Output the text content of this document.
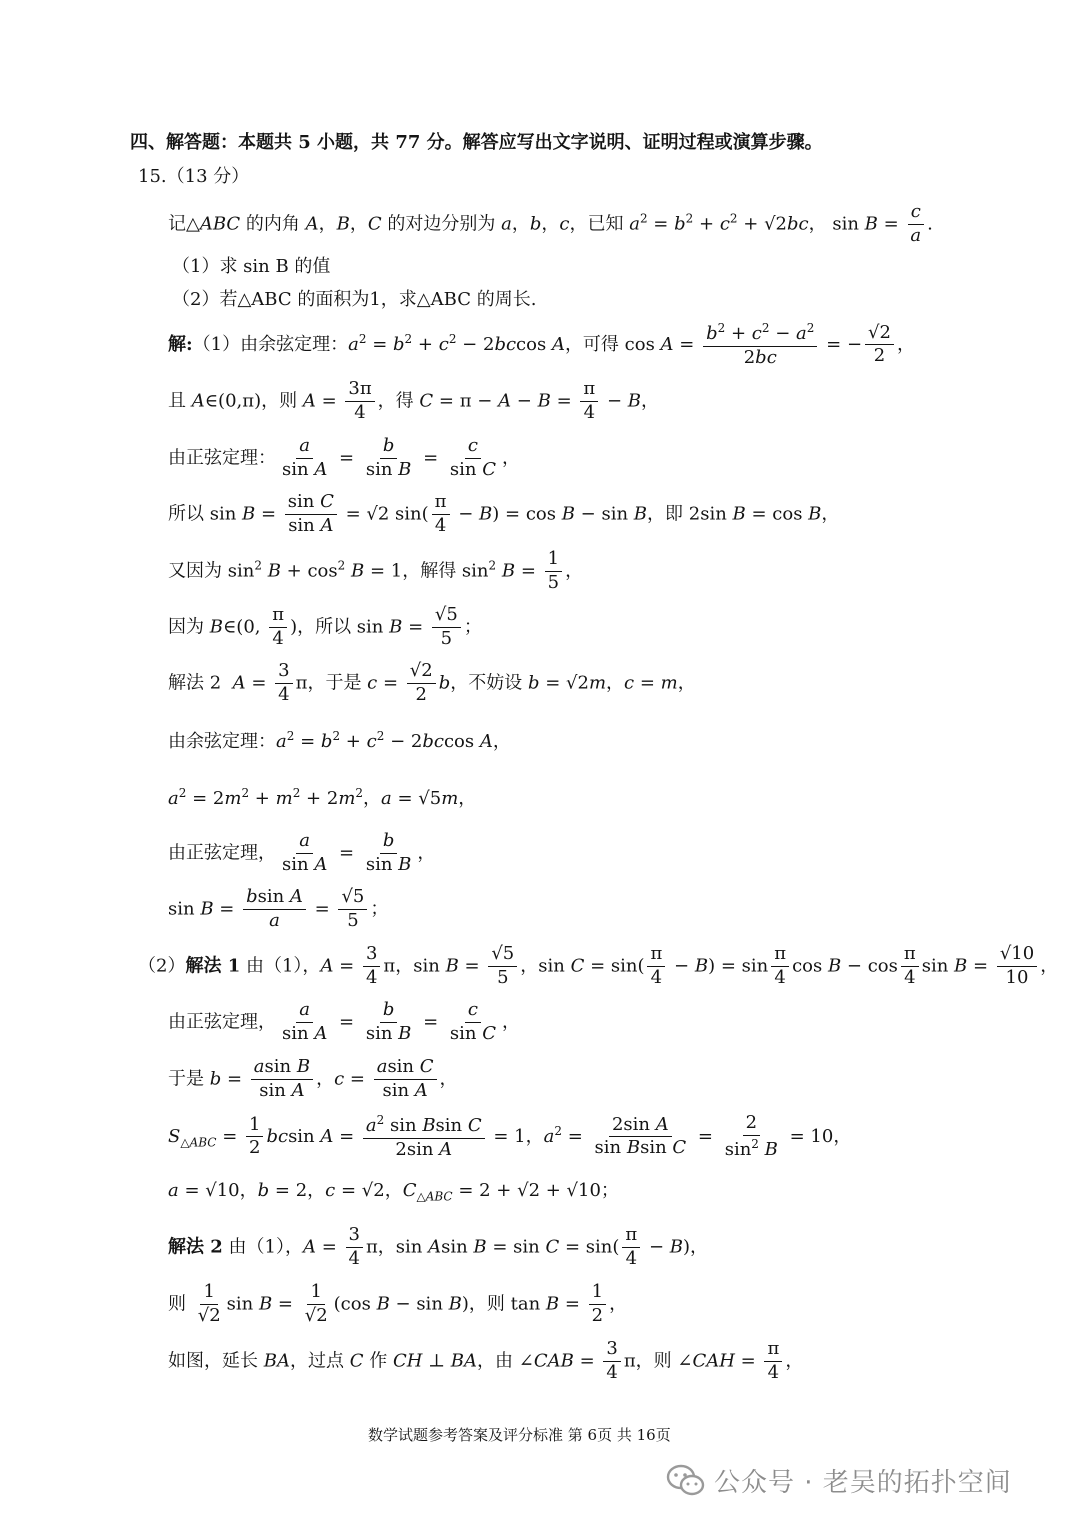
四、解答题：本题共 5 小题，共 77 分。解答应写出文字说明、证明过程或演算步骤。
15.（13 分）
记△ABC 的内角 A，B，C 的对边分别为 a，b，c，已知 $a^2 = b^2 + c^2 + √2bc$， $\sin B = \frac{c}{a}$ .
（1）求 sin B 的值
（2）若△ABC 的面积为1，求△ABC 的周长.
解:（1）由余弦定理：$a^2 = b^2 + c^2 - 2bccos$ A，可得 $\cos A = \frac{b^2 + c^2 - a^2}{2bc}$ = − $\frac{√2}{2}$ ，
且 A∈(0,π)，则 $A = \frac{3\pi}{4}$ ，得 $C = \pi - A - B = \frac{\pi}{4} - B$，
由正弦定理： $\frac{a}{\text{sin A}} = \frac{b}{\text{sin B}} = \frac{c}{\text{sin C}}$ ，
所以 $\sin B = \frac{\text{sin C}}{\text{sin A}} = √2$ $\sin( \frac{\pi}{4} - B) = \cos B - \sin B$，即 2sin B = cos B，
又因为 $\sin^2 B + \cos^2 B = 1$，解得 $\sin^2 B = \frac{1}{5}$ ，
因为 B∈(0, $\frac{\pi}{4}$ )，所以 $\sin B = \frac{√5}{5}$ ；
解法 2  $A = \frac{3}{4}$ π，于是 $c = \frac{√2}{2}$ b，不妨设 b = √2m，c = m，
由余弦定理：$a^2 = b^2 + c^2 - 2bccos$ A，
$a^2 = 2m^2 + m^2 + 2m^2$，a = √5m，
由正弦定理， $\frac{a}{\text{sin A}} = \frac{b}{\text{sin B}}$ ，
$\sin B = \frac{\text{bsin A}}{a} = \frac{√5}{5}$ ；
（2）解法 1 由（1），$A = \frac{3}{4}$ π，$\sin B = \frac{√5}{5}$ ，$\sin C = \sin( \frac{\pi}{4} - B) = \sin \frac{\pi}{4}$ $\cos B - \cos \frac{\pi}{4}$ $\sin B = \frac{√10}{10}$ ，
由正弦定理， $\frac{a}{\text{sin A}} = \frac{b}{\text{sin B}} = \frac{c}{\text{sin C}}$ ，
于是 $b = \frac{\text{asin B}}{\text{sin A}}$ ，$c = \frac{\text{asin C}}{\text{sin A}}$ ，
$S_{\triangle ABC} = \frac{1}{2}$ bcsin $A = \frac{a^2 \sin Bsin C}{\text{2sin A}} = 1$，$a^2 = \frac{\text{2sin A}}{\text{sin Bsin C}} = \frac{2}{\sin^2 B} = 10$，
a = √10，b = 2，c = √2，$C_{\triangle ABC} = 2 + √2 + √10$；
解法 2 由（1），$A = \frac{3}{4}$ π，sin Asin $B = \sin C = \sin( \frac{\pi}{4} - B)$，
则 $\frac{1}{√2}$ $\sin B = \frac{1}{√2} (\cos$ B − sin B)，则 $\tan B = \frac{1}{2}$ ，
如图，延长 BA，过点 C 作 CH ⊥ BA，由 ∠CAB = $\frac{3}{4}$ π，则 ∠CAH = $\frac{\pi}{4}$ ，
数学试题参考答案及评分标准 第 6页 共 16页
公众号 · 老吴的拓扑空间
